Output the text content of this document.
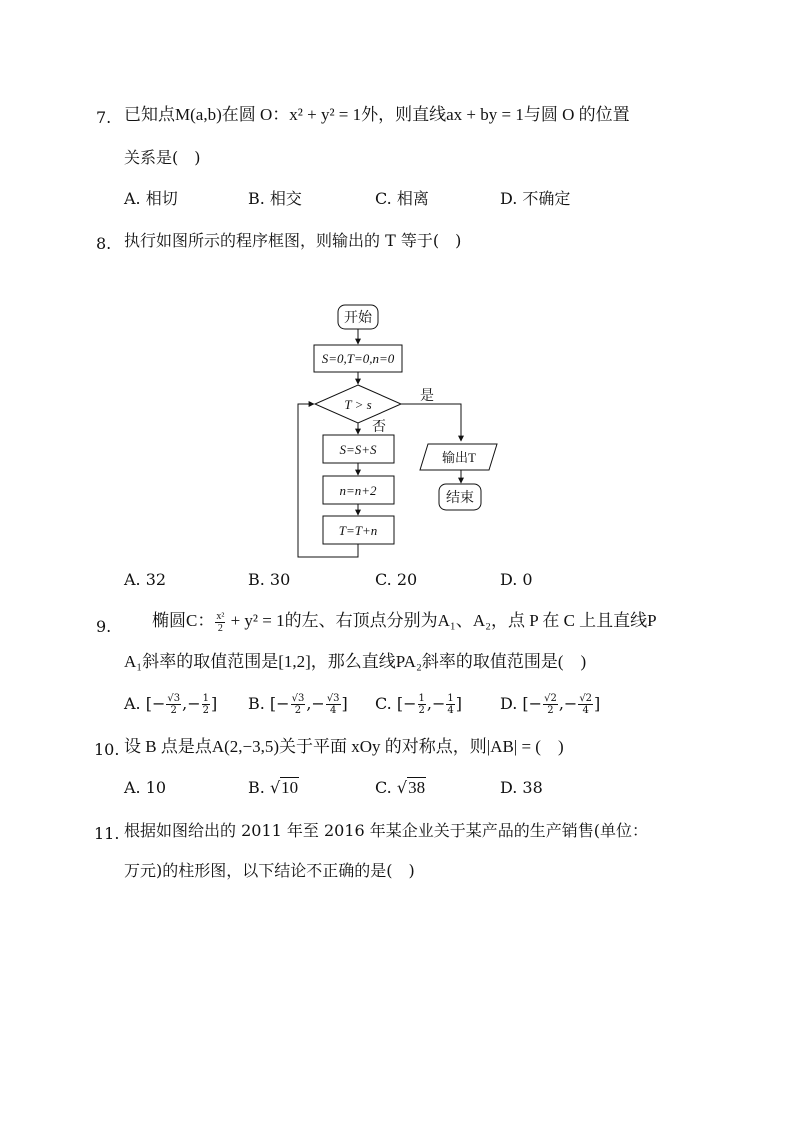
7. 已知点M(a,b)在圆 O：x² + y² = 1外，则直线ax + by = 1与圆 O 的位置
关系是(　)
A. 相切	B. 相交	C. 相离	D. 不确定
8. 执行如图所示的程序框图，则输出的 T 等于(　)
开始
S=0,T=0,n=0
T > s
是
否
S=S+S
n=n+2
T=T+n
输出T
结束
A. 32	B. 30	C. 20	D. 0
9. 椭圆C： $\frac{\text{x²}}{2} + y^2 = 1$的左、右顶点分别为A₁、A₂，点 P 在 C 上且直线P
A₁斜率的取值范围是[1,2]，那么直线PA₂斜率的取值范围是(　)
A. [− $\frac{√3}{2}$ ,− $\frac{1}{2}$ ] B. [− $\frac{√3}{2}$ ,− $\frac{√3}{4}$ ] C. [− $\frac{1}{2}$ ,− $\frac{1}{4}$ ] D. [− $\frac{√2}{2}$ ,− $\frac{√2}{4}$ ]
10. 设 B 点是点A(2,−3,5)关于平面 xOy 的对称点，则|AB| = (　)
A. 10	B. √10	C. √38	D. 38
11. 根据如图给出的 2011 年至 2016 年某企业关于某产品的生产销售(单位：
万元)的柱形图，以下结论不正确的是(　)
